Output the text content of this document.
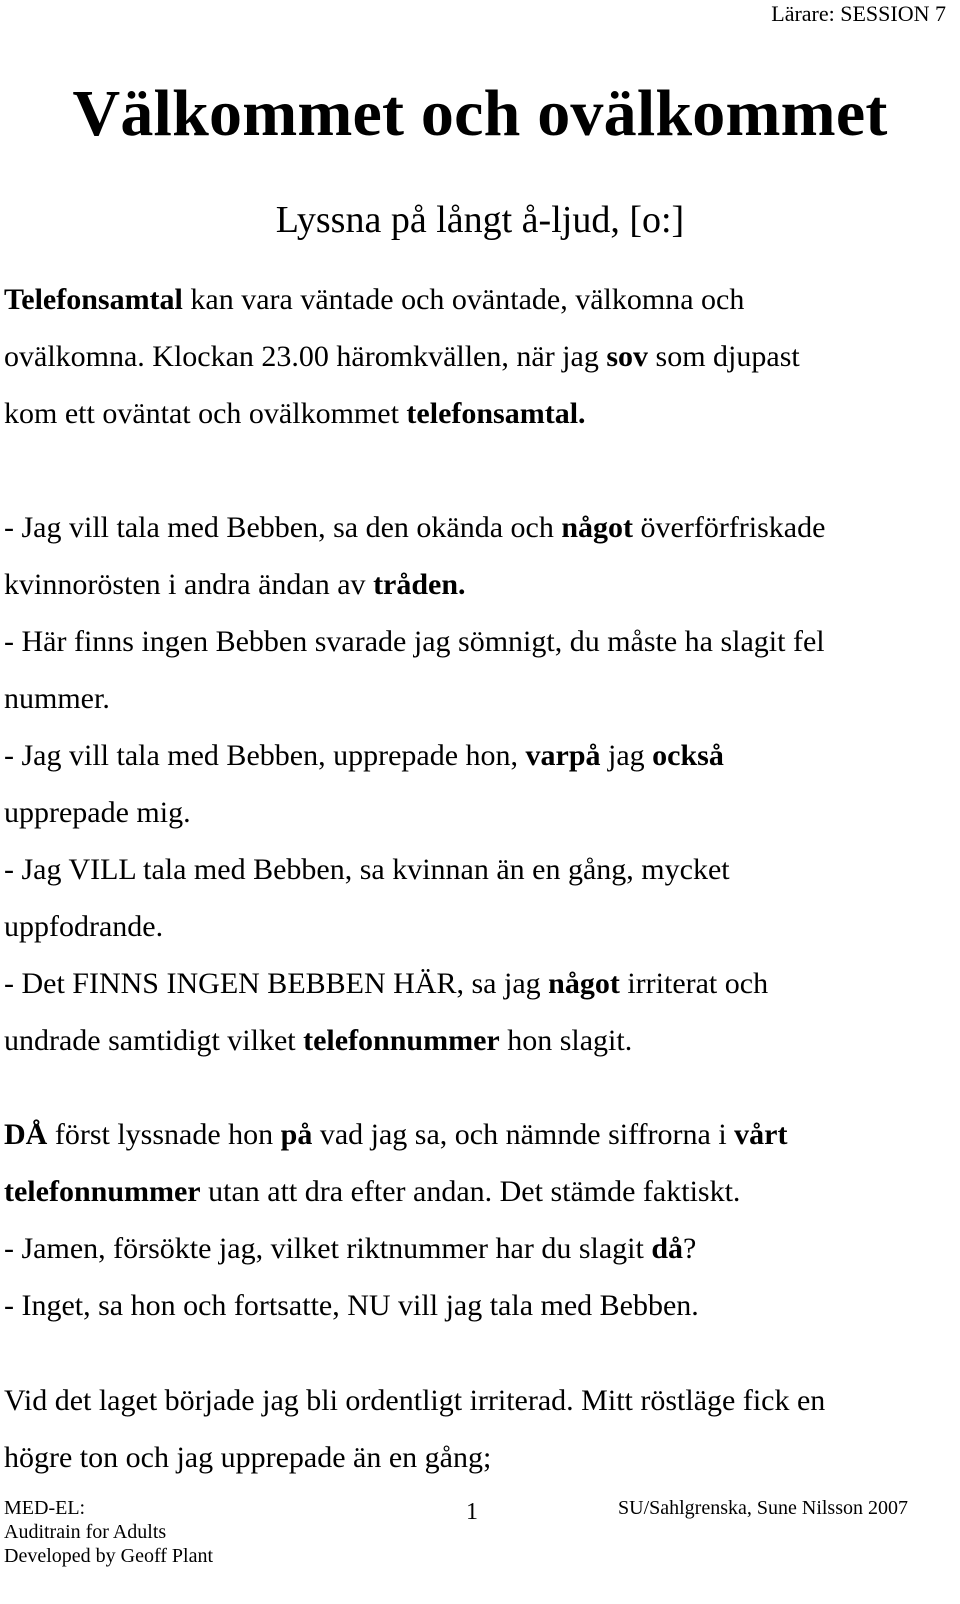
Lärare: SESSION 7
Välkommet och ovälkommet
Lyssna på långt å-ljud, [o:]

Telefonsamtal kan vara väntade och oväntade, välkomna och

ovälkomna. Klockan 23.00 häromkvällen, när jag sov som djupast

kom ett oväntat och ovälkommet telefonsamtal.

- Jag vill tala med Bebben, sa den okända och något överförfriskade

kvinnorösten i andra ändan av tråden.

- Här finns ingen Bebben svarade jag sömnigt, du måste ha slagit fel

nummer.

- Jag vill tala med Bebben, upprepade hon, varpå jag också

upprepade mig.

- Jag VILL tala med Bebben, sa kvinnan än en gång, mycket

uppfodrande.

- Det FINNS INGEN BEBBEN HÄR, sa jag något irriterat och

undrade samtidigt vilket telefonnummer hon slagit.

DÅ först lyssnade hon på vad jag sa, och nämnde siffrorna i vårt

telefonnummer utan att dra efter andan. Det stämde faktiskt.

- Jamen, försökte jag, vilket riktnummer har du slagit då?

- Inget, sa hon och fortsatte, NU vill jag tala med Bebben.

Vid det laget började jag bli ordentligt irriterad. Mitt röstläge fick en

högre ton och jag upprepade än en gång;

MED-EL:
Auditrain for Adults
Developed by Geoff Plant
1	SU/Sahlgrenska, Sune Nilsson 2007
